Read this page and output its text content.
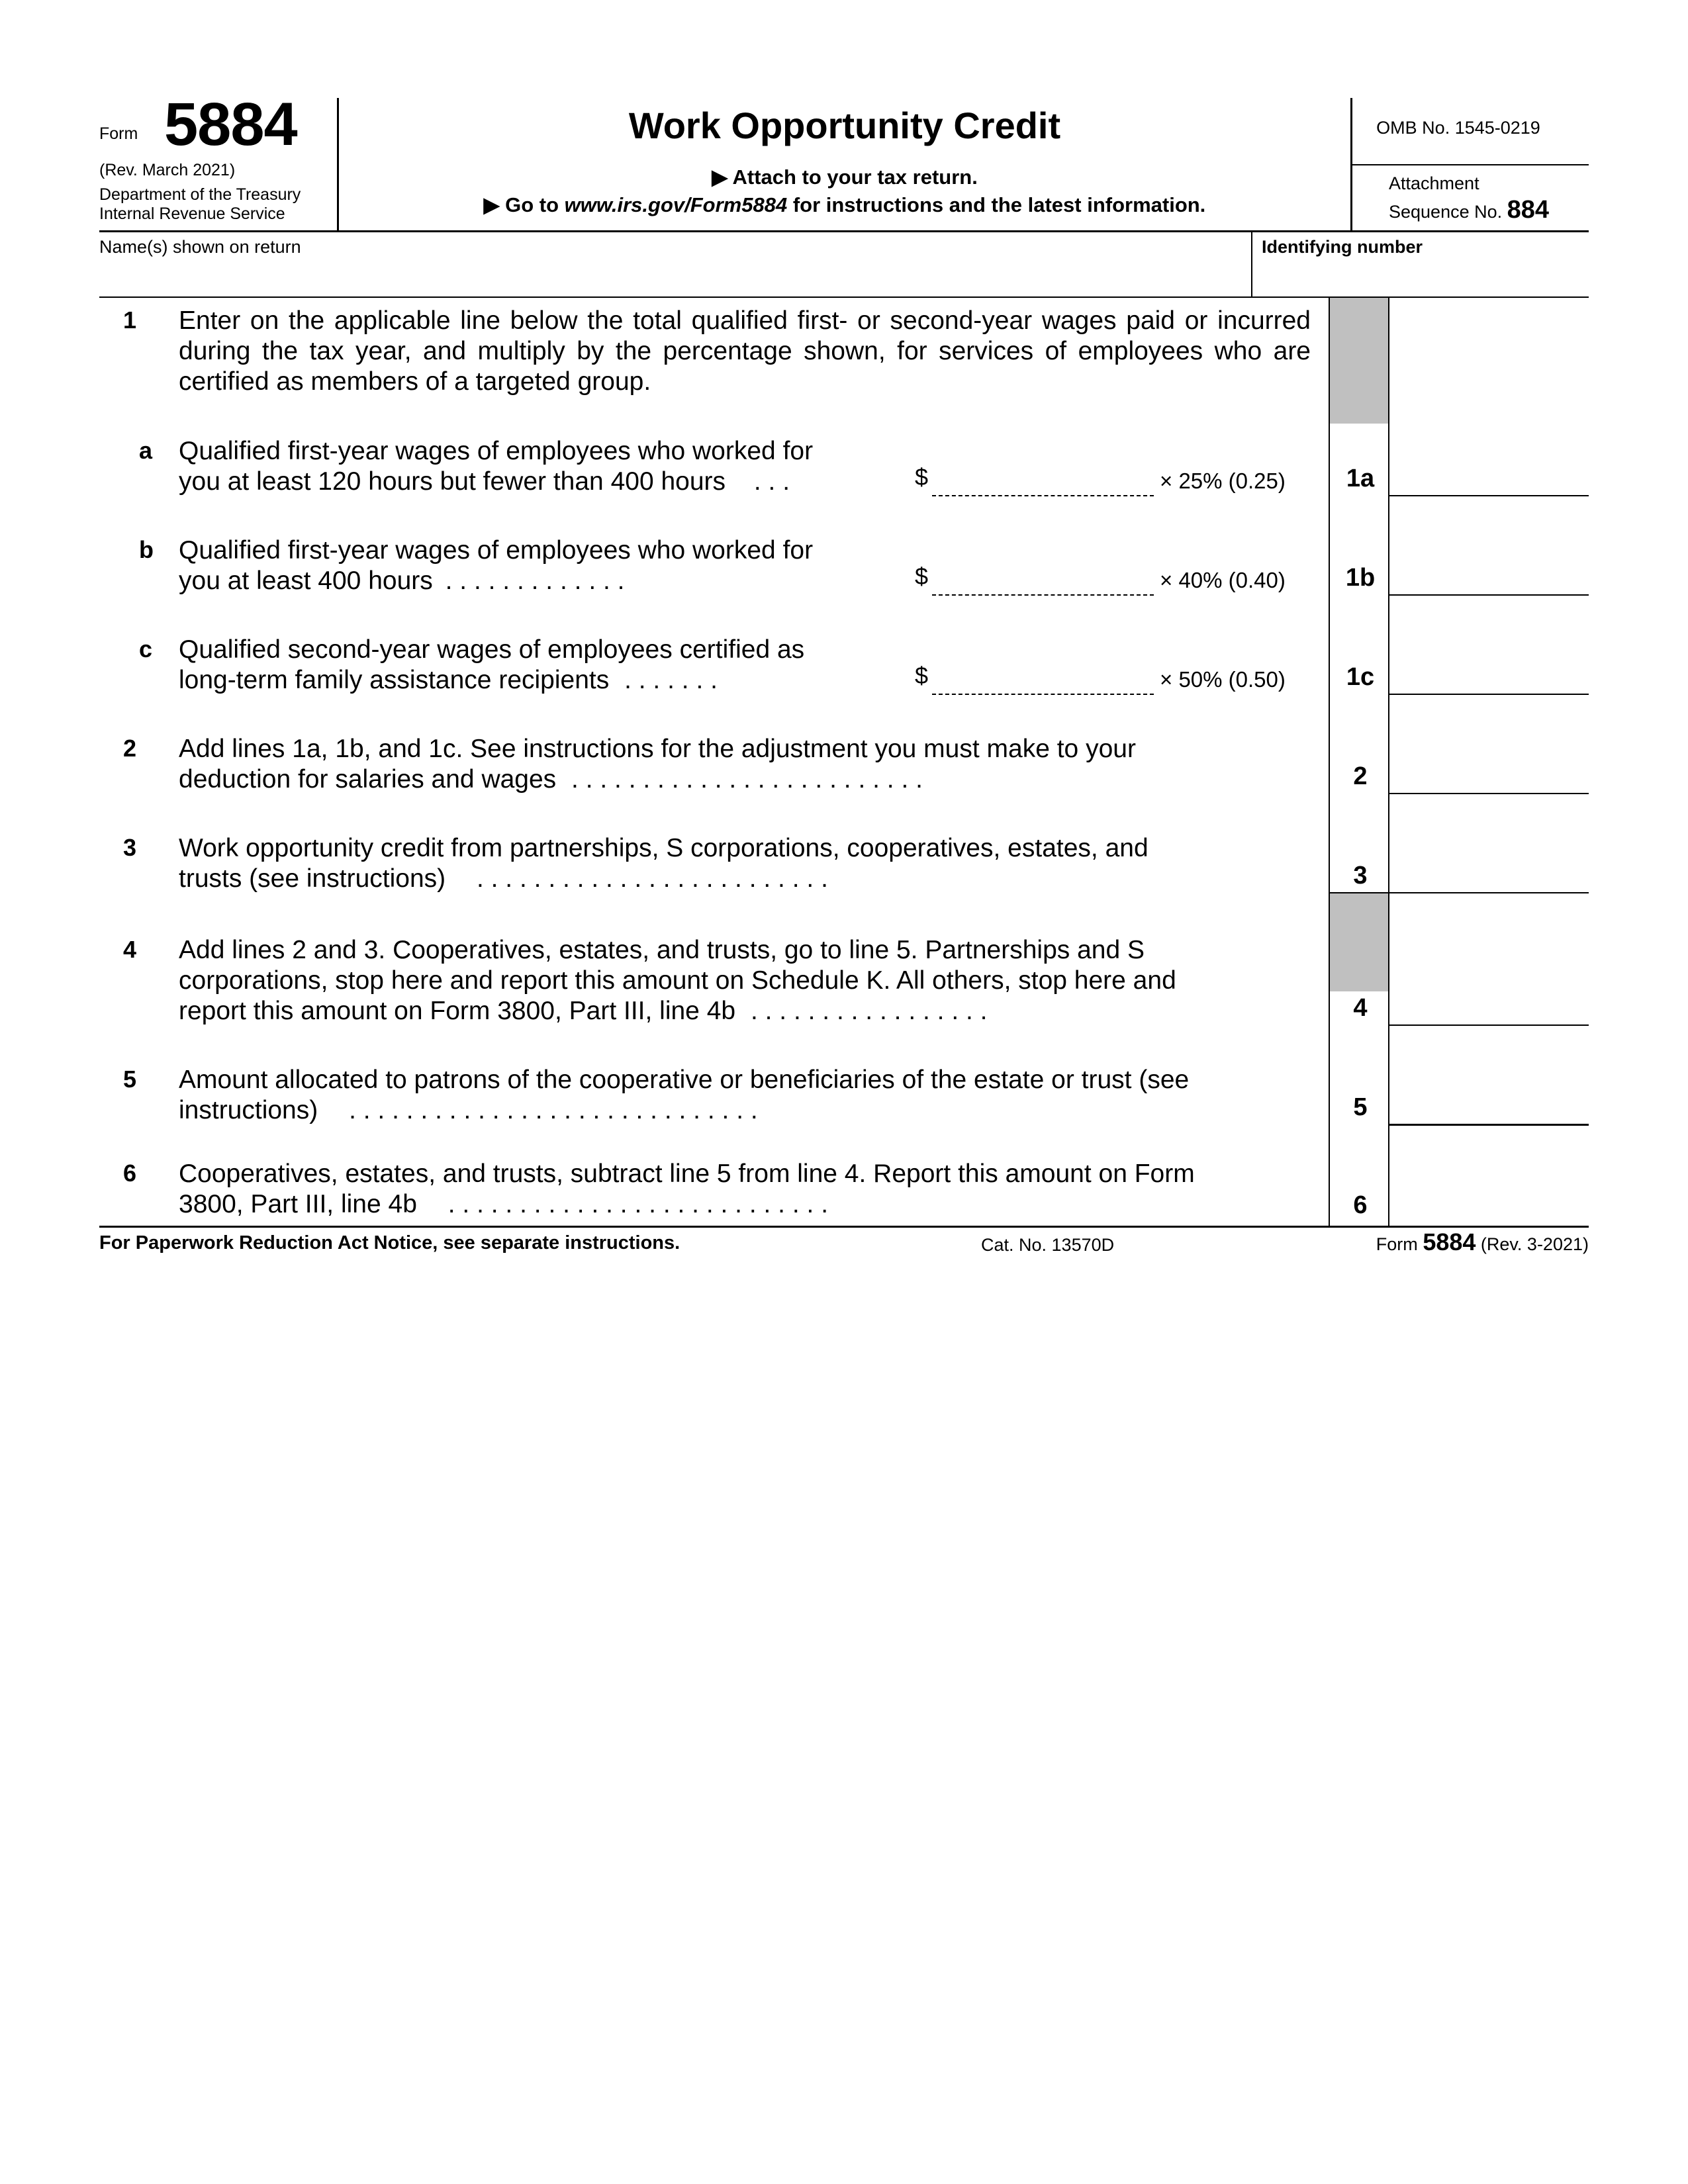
Form 5884
(Rev. March 2021)
Department of the Treasury
Internal Revenue Service
Work Opportunity Credit
▶ Attach to your tax return.
▶ Go to www.irs.gov/Form5884 for instructions and the latest information.
OMB No. 1545-0219
Attachment
Sequence No. 884
Name(s) shown on return	Identifying number
1 Enter on the applicable line below the total qualified first- or second-year wages paid or incurred during the tax year, and multiply by the percentage shown, for services of employees who are certified as members of a targeted group.
a Qualified first-year wages of employees who worked for
you at least 120 hours but fewer than 400 hours . . .	$	× 25% (0.25)	1a
b Qualified first-year wages of employees who worked for
you at least 400 hours . . . . . . . . . . . . .	$	× 40% (0.40)	1b
c Qualified second-year wages of employees certified as
long-term family assistance recipients . . . . . . .	$	× 50% (0.50)	1c
2 Add lines 1a, 1b, and 1c. See instructions for the adjustment you must make to your
deduction for salaries and wages . . . . . . . . . . . . . . . . . . . . . . . . .	2
3 Work opportunity credit from partnerships, S corporations, cooperatives, estates, and
trusts (see instructions) . . . . . . . . . . . . . . . . . . . . . . . . .	3
4 Add lines 2 and 3. Cooperatives, estates, and trusts, go to line 5. Partnerships and S
corporations, stop here and report this amount on Schedule K. All others, stop here and
report this amount on Form 3800, Part III, line 4b . . . . . . . . . . . . . . . . .	4
5 Amount allocated to patrons of the cooperative or beneficiaries of the estate or trust (see
instructions) . . . . . . . . . . . . . . . . . . . . . . . . . . . . .	5
6 Cooperatives, estates, and trusts, subtract line 5 from line 4. Report this amount on Form
3800, Part III, line 4b . . . . . . . . . . . . . . . . . . . . . . . . . . .	6
For Paperwork Reduction Act Notice, see separate instructions.	Cat. No. 13570D	Form 5884 (Rev. 3-2021)
